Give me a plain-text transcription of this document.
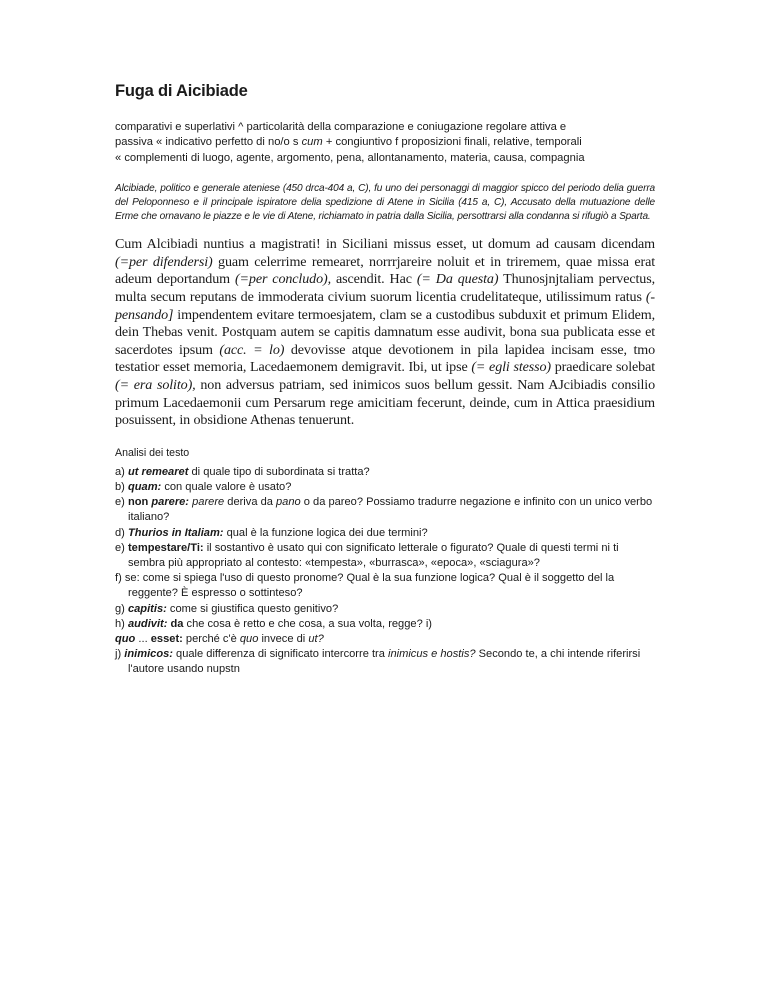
Fuga di Aicibiade

comparativi e superlativi ^ particolarità della comparazione e coniugazione regolare attiva e
passiva « indicativo perfetto di no/o s cum + congiuntivo f proposizioni finali, relative, temporali
« complementi di luogo, agente, argomento, pena, allontanamento, materia, causa, compagnia

Alcibiade, politico e generale ateniese (450 drca-404 a, C), fu uno dei personaggi di maggior spicco del periodo delia guerra del Peloponneso e il principale ispiratore delia spedizione di Atene in Sicilia (415 a, C), Accusato della mutuazione delle Erme che ornavano le piazze e le vie di Atene, richiamato in patria dalla Sicilia, persottrarsi alla condanna si rifugiò a Sparta.

Cum Alcibiadi nuntius a magistrati! in Siciliani missus esset, ut domum ad causam dicendam (=per difendersi) guam celerrime remearet, norrrjareire noluit et in triremem, quae missa erat adeum deportandum (=per concludo), ascendit. Hac (= Da questa) Thunosjnjtaliam pervectus, multa secum reputans de immoderata civium suorum licentia crudelitateque, utilissimum ratus (-pensando] impendentem evitare termoesjatem, clam se a custodibus subduxit et primum Elidem, dein Thebas venit. Postquam autem se capitis damnatum esse audivit, bona sua publicata esse et sacerdotes ipsum (acc. = lo) devovisse atque devotionem in pila lapidea incisam esse, tmo testatior esset memoria, Lacedaemonem demigravit. Ibi, ut ipse (= egli stesso) praedicare solebat (= era solito), non adversus patriam, sed inimicos suos bellum gessit. Nam AJcibiadis consilio primum Lacedaemonii cum Persarum rege amicitiam fecerunt, deinde, cum in Attica praesidium posuissent, in obsidione Athenas tenuerunt.

Analisi dei testo

a) ut remearet di quale tipo di subordinata si tratta?
b) quam: con quale valore è usato?
e) non parere: parere deriva da pano o da pareo? Possiamo tradurre negazione e infinito con un unico verbo italiano?
d) Thurios in Italiam: qual è la funzione logica dei due termini?
e) tempestare/Ti: il sostantivo è usato qui con significato letterale o figurato? Quale di questi termi ni ti sembra più appropriato al contesto: «tempesta», «burrasca», «epoca», «sciagura»?
f) se: come si spiega l'uso di questo pronome? Qual è la sua funzione logica? Qual è il soggetto del la reggente? È espresso o sottinteso?
g) capitis: come si giustifica questo genitivo?
h) audivit: da che cosa è retto e che cosa, a sua volta, regge? i)
quo ... esset: perché c'è quo invece di ut?
j) inimicos: quale differenza di significato intercorre tra inimicus e hostis? Secondo te, a chi intende riferirsi l'autore usando nupstn
